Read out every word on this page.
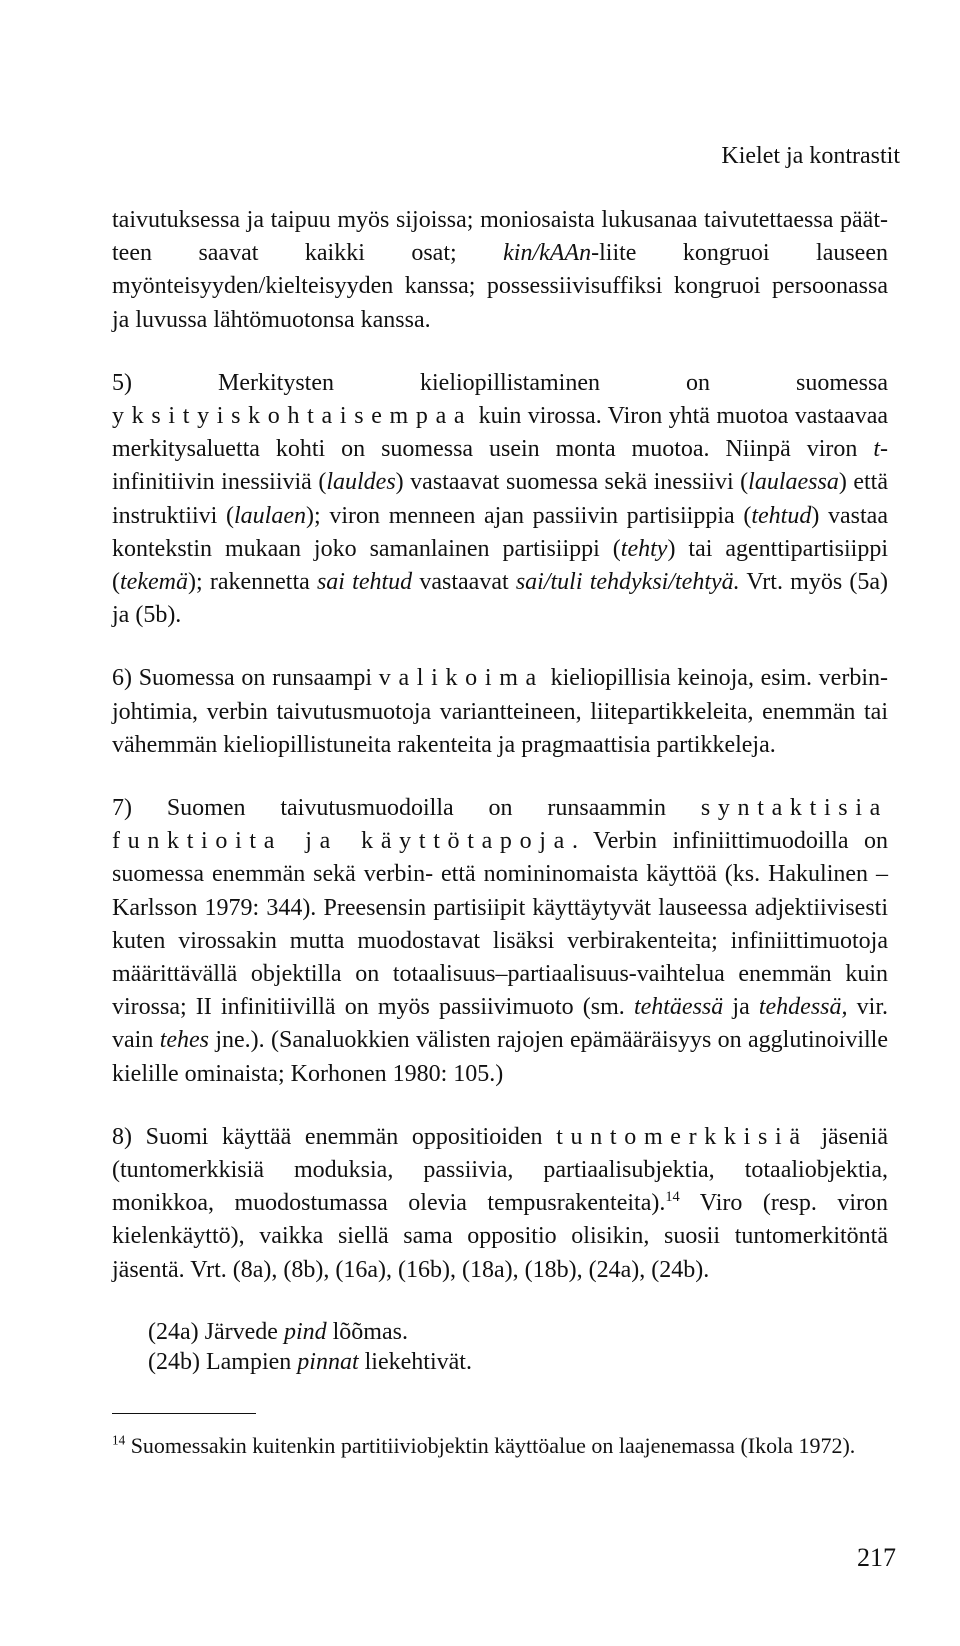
Kielet ja kontrastit

taivutuksessa ja taipuu myös sijoissa; moniosaista lukusanaa taivutettaessa päätteen saavat kaikki osat; kin/kAAn-liite kongruoi lauseen myönteisyyden/kielteisyyden kanssa; possessiivisuffiksi kongruoi persoonassa ja luvussa lähtömuotonsa kanssa.

5) Merkitysten kieliopillistaminen on suomessa yksityiskohtaisempaa kuin virossa. Viron yhtä muotoa vastaavaa merkitysaluetta kohti on suomessa usein monta muotoa. Niinpä viron t-infinitiivin inessiiviä (lauldes) vastaavat suomessa sekä inessiivi (laulaessa) että instruktiivi (laulaen); viron menneen ajan passiivin partisiippia (tehtud) vastaa kontekstin mukaan joko samanlainen partisiippi (tehty) tai agenttipartisiippi (tekemä); rakennetta sai tehtud vastaavat sai/tuli tehdyksi/tehtyä. Vrt. myös (5a) ja (5b).

6) Suomessa on runsaampi valikoima kieliopillisia keinoja, esim. verbinjohtimia, verbin taivutusmuotoja variantteineen, liitepartikkeleita, enemmän tai vähemmän kieliopillistuneita rakenteita ja pragmaattisia partikkeleja.

7) Suomen taivutusmuodoilla on runsaammin syntaktisia funktioita ja käyttötapoja. Verbin infiniittimuodoilla on suomessa enemmän sekä verbin- että nomininomaista käyttöä (ks. Hakulinen – Karlsson 1979: 344). Preesensin partisiipit käyttäytyvät lauseessa adjektiivisesti kuten virossakin mutta muodostavat lisäksi verbirakenteita; infiniittimuotoja määrittävällä objektilla on totaalisuus–partiaalisuus-vaihtelua enemmän kuin virossa; II infinitiivillä on myös passiivimuoto (sm. tehtäessä ja tehdessä, vir. vain tehes jne.). (Sanaluokkien välisten rajojen epämääräisyys on agglutinoiville kielille ominaista; Korhonen 1980: 105.)

8) Suomi käyttää enemmän oppositioiden tuntomerkkisiä jäseniä (tuntomerkkisiä moduksia, passiivia, partiaalisubjektia, totaaliobjektia, monikkoa, muodostumassa olevia tempusrakenteita).$^{14}$ Viro (resp. viron kielenkäyttö), vaikka siellä sama oppositio olisikin, suosii tuntomerkitöntä jäsentä. Vrt. (8a), (8b), (16a), (16b), (18a), (18b), (24a), (24b).

(24a) Järvede pind lõõmas.
(24b) Lampien pinnat liekehtivät.
$^{14}$ Suomessakin kuitenkin partitiiviobjektin käyttöalue on laajenemassa (Ikola 1972).
217
